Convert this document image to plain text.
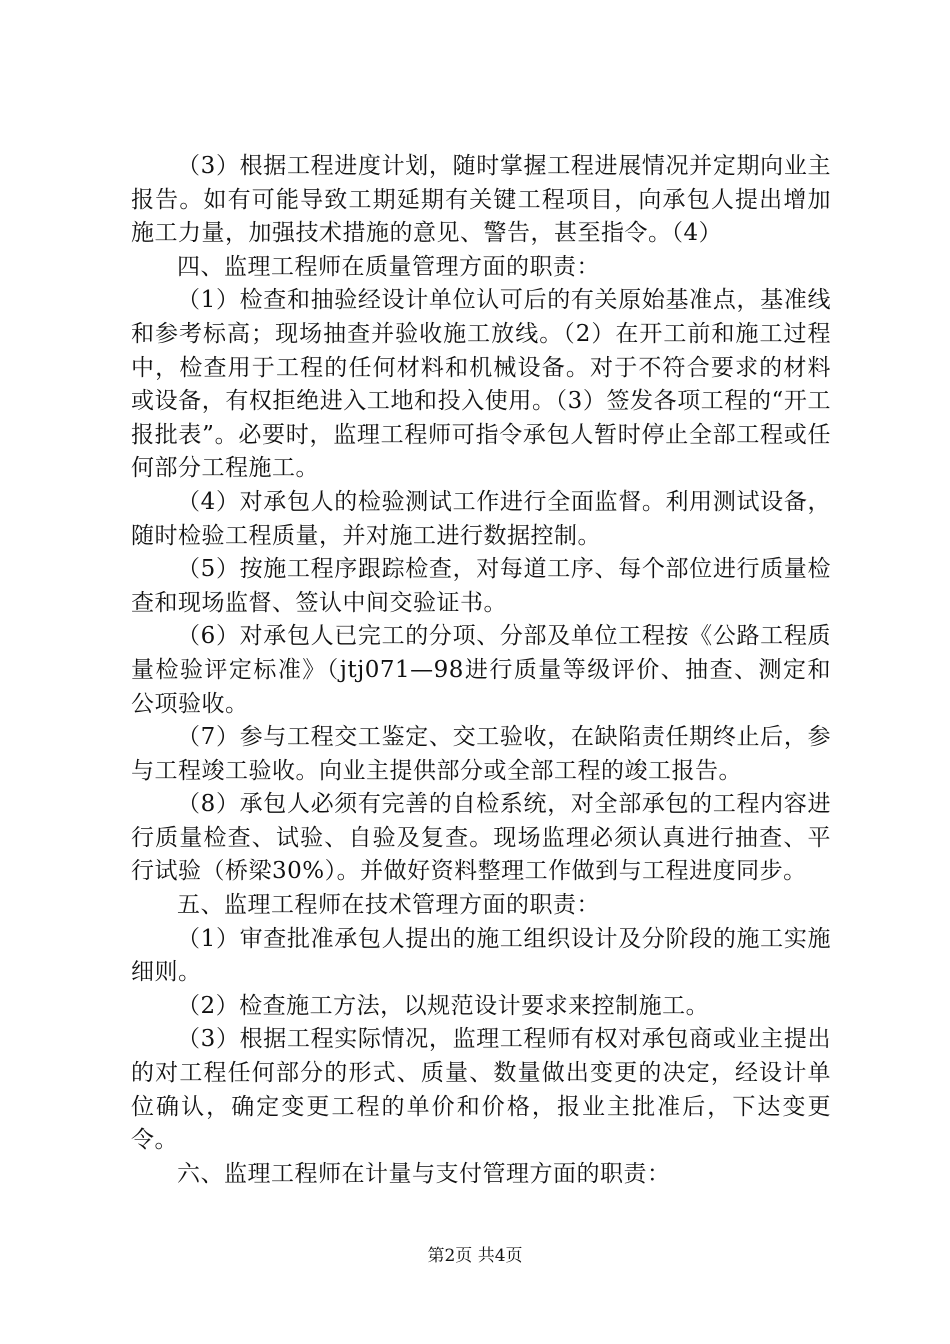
（3）根据工程进度计划，随时掌握工程进展情况并定期向业主报告。如有可能导致工期延期有关键工程项目，向承包人提出增加施工力量，加强技术措施的意见、警告，甚至指令。（4）

四、监理工程师在质量管理方面的职责：

（1）检查和抽验经设计单位认可后的有关原始基准点，基准线和参考标高；现场抽查并验收施工放线。（2）在开工前和施工过程中，检查用于工程的任何材料和机械设备。对于不符合要求的材料或设备，有权拒绝进入工地和投入使用。（3）签发各项工程的“开工报批表”。必要时，监理工程师可指令承包人暂时停止全部工程或任何部分工程施工。

（4）对承包人的检验测试工作进行全面监督。利用测试设备，随时检验工程质量，并对施工进行数据控制。

（5）按施工程序跟踪检查，对每道工序、每个部位进行质量检查和现场监督、签认中间交验证书。

（6）对承包人已完工的分项、分部及单位工程按《公路工程质量检验评定标准》（jtj071—98进行质量等级评价、抽查、测定和公项验收。

（7）参与工程交工鉴定、交工验收，在缺陷责任期终止后，参与工程竣工验收。向业主提供部分或全部工程的竣工报告。

（8）承包人必须有完善的自检系统，对全部承包的工程内容进行质量检查、试验、自验及复查。现场监理必须认真进行抽查、平行试验（桥梁30%）。并做好资料整理工作做到与工程进度同步。

五、监理工程师在技术管理方面的职责：

（1）审查批准承包人提出的施工组织设计及分阶段的施工实施细则。

（2）检查施工方法，以规范设计要求来控制施工。

（3）根据工程实际情况，监理工程师有权对承包商或业主提出的对工程任何部分的形式、质量、数量做出变更的决定，经设计单位确认，确定变更工程的单价和价格，报业主批准后，下达变更令。

六、监理工程师在计量与支付管理方面的职责：

第2页 共4页
